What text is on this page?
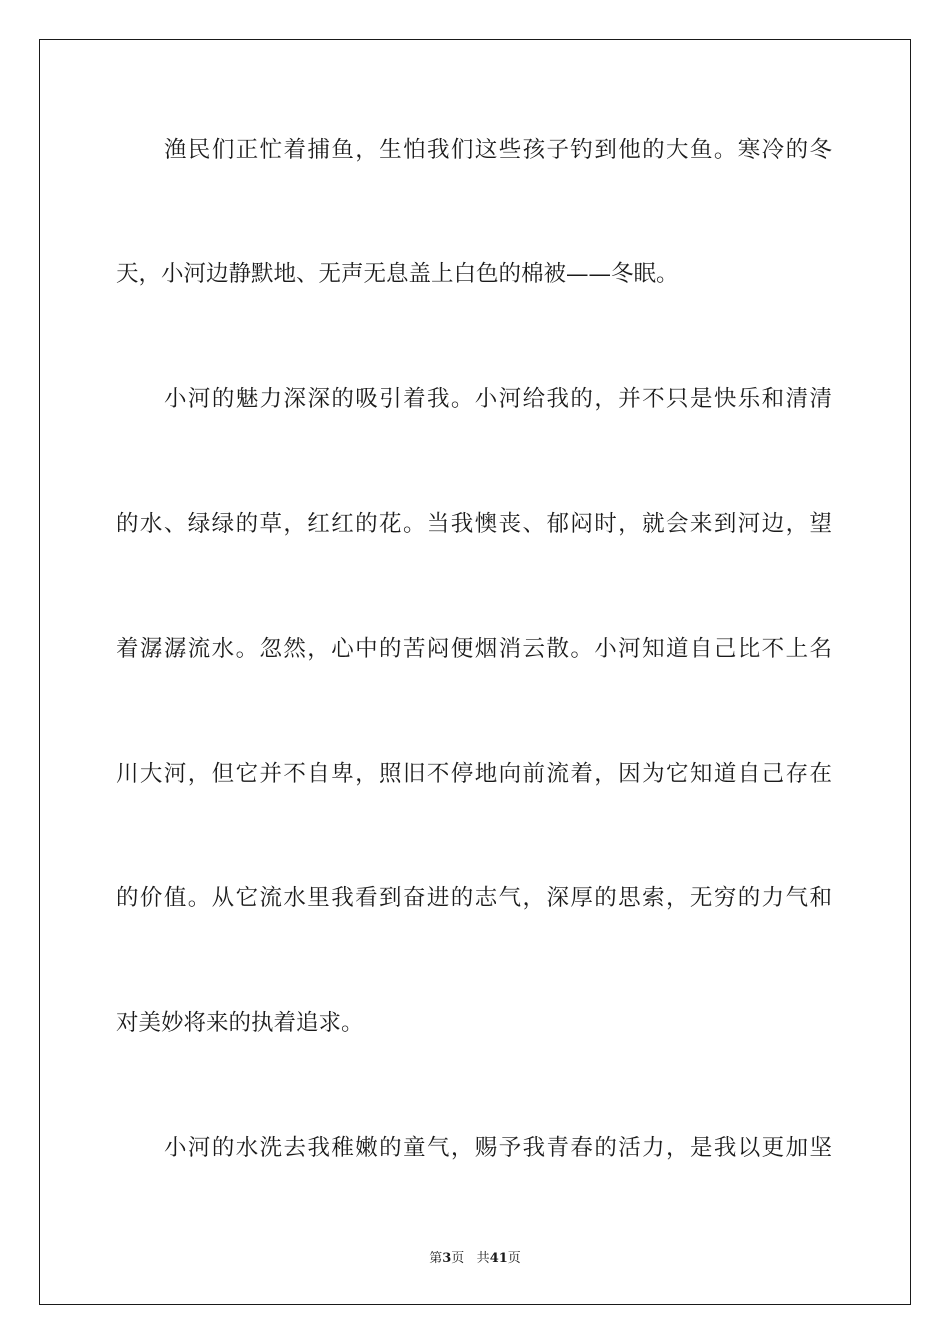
渔民们正忙着捕鱼，生怕我们这些孩子钓到他的大鱼。寒冷的冬
天，小河边静默地、无声无息盖上白色的棉被——冬眠。
小河的魅力深深的吸引着我。小河给我的，并不只是快乐和清清
的水、绿绿的草，红红的花。当我懊丧、郁闷时，就会来到河边，望
着潺潺流水。忽然，心中的苦闷便烟消云散。小河知道自己比不上名
川大河，但它并不自卑，照旧不停地向前流着，因为它知道自己存在
的价值。从它流水里我看到奋进的志气，深厚的思索，无穷的力气和
对美妙将来的执着追求。
小河的水洗去我稚嫩的童气，赐予我青春的活力，是我以更加坚
第3页 共41页
